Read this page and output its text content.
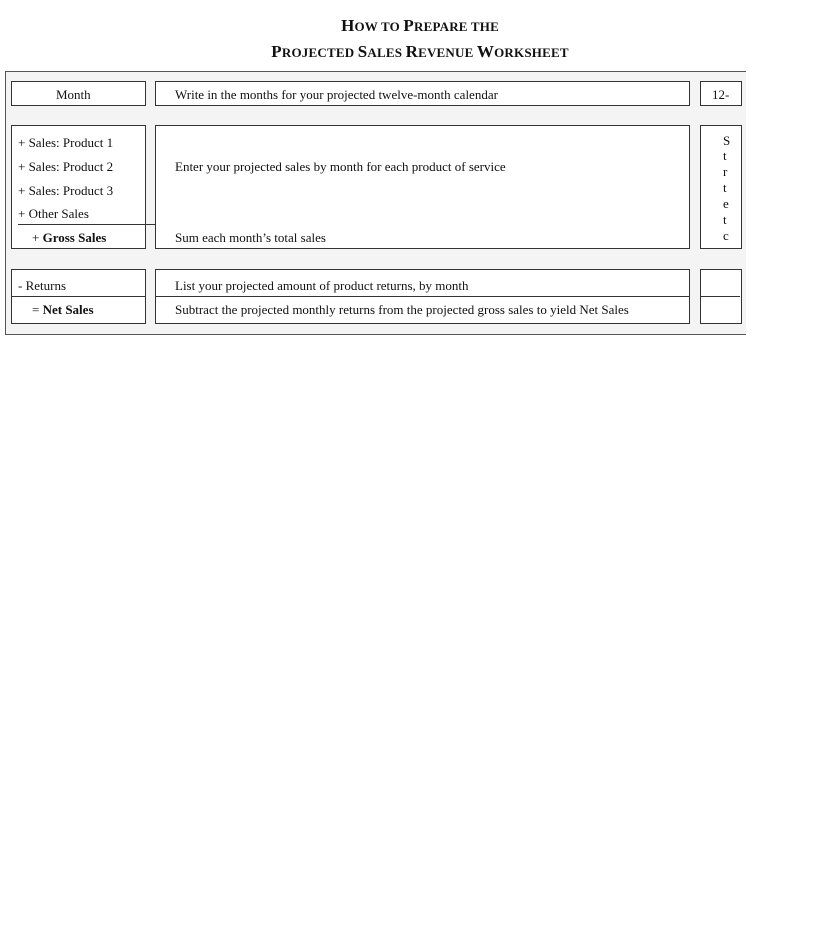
HOW TO PREPARE THE
PROJECTED SALES REVENUE WORKSHEET
Month	Write in the months for your projected twelve-month calendar	12-
+ Sales: Product 1
+ Sales: Product 2
+ Sales: Product 3
+ Other Sales
+ Gross Sales
Enter your projected sales by month for each product of service
Sum each month’s total sales
S
t
r
t
e
t
c
- Returns
= Net Sales
List your projected amount of product returns, by month
Subtract the projected monthly returns from the projected gross sales to yield Net Sales
